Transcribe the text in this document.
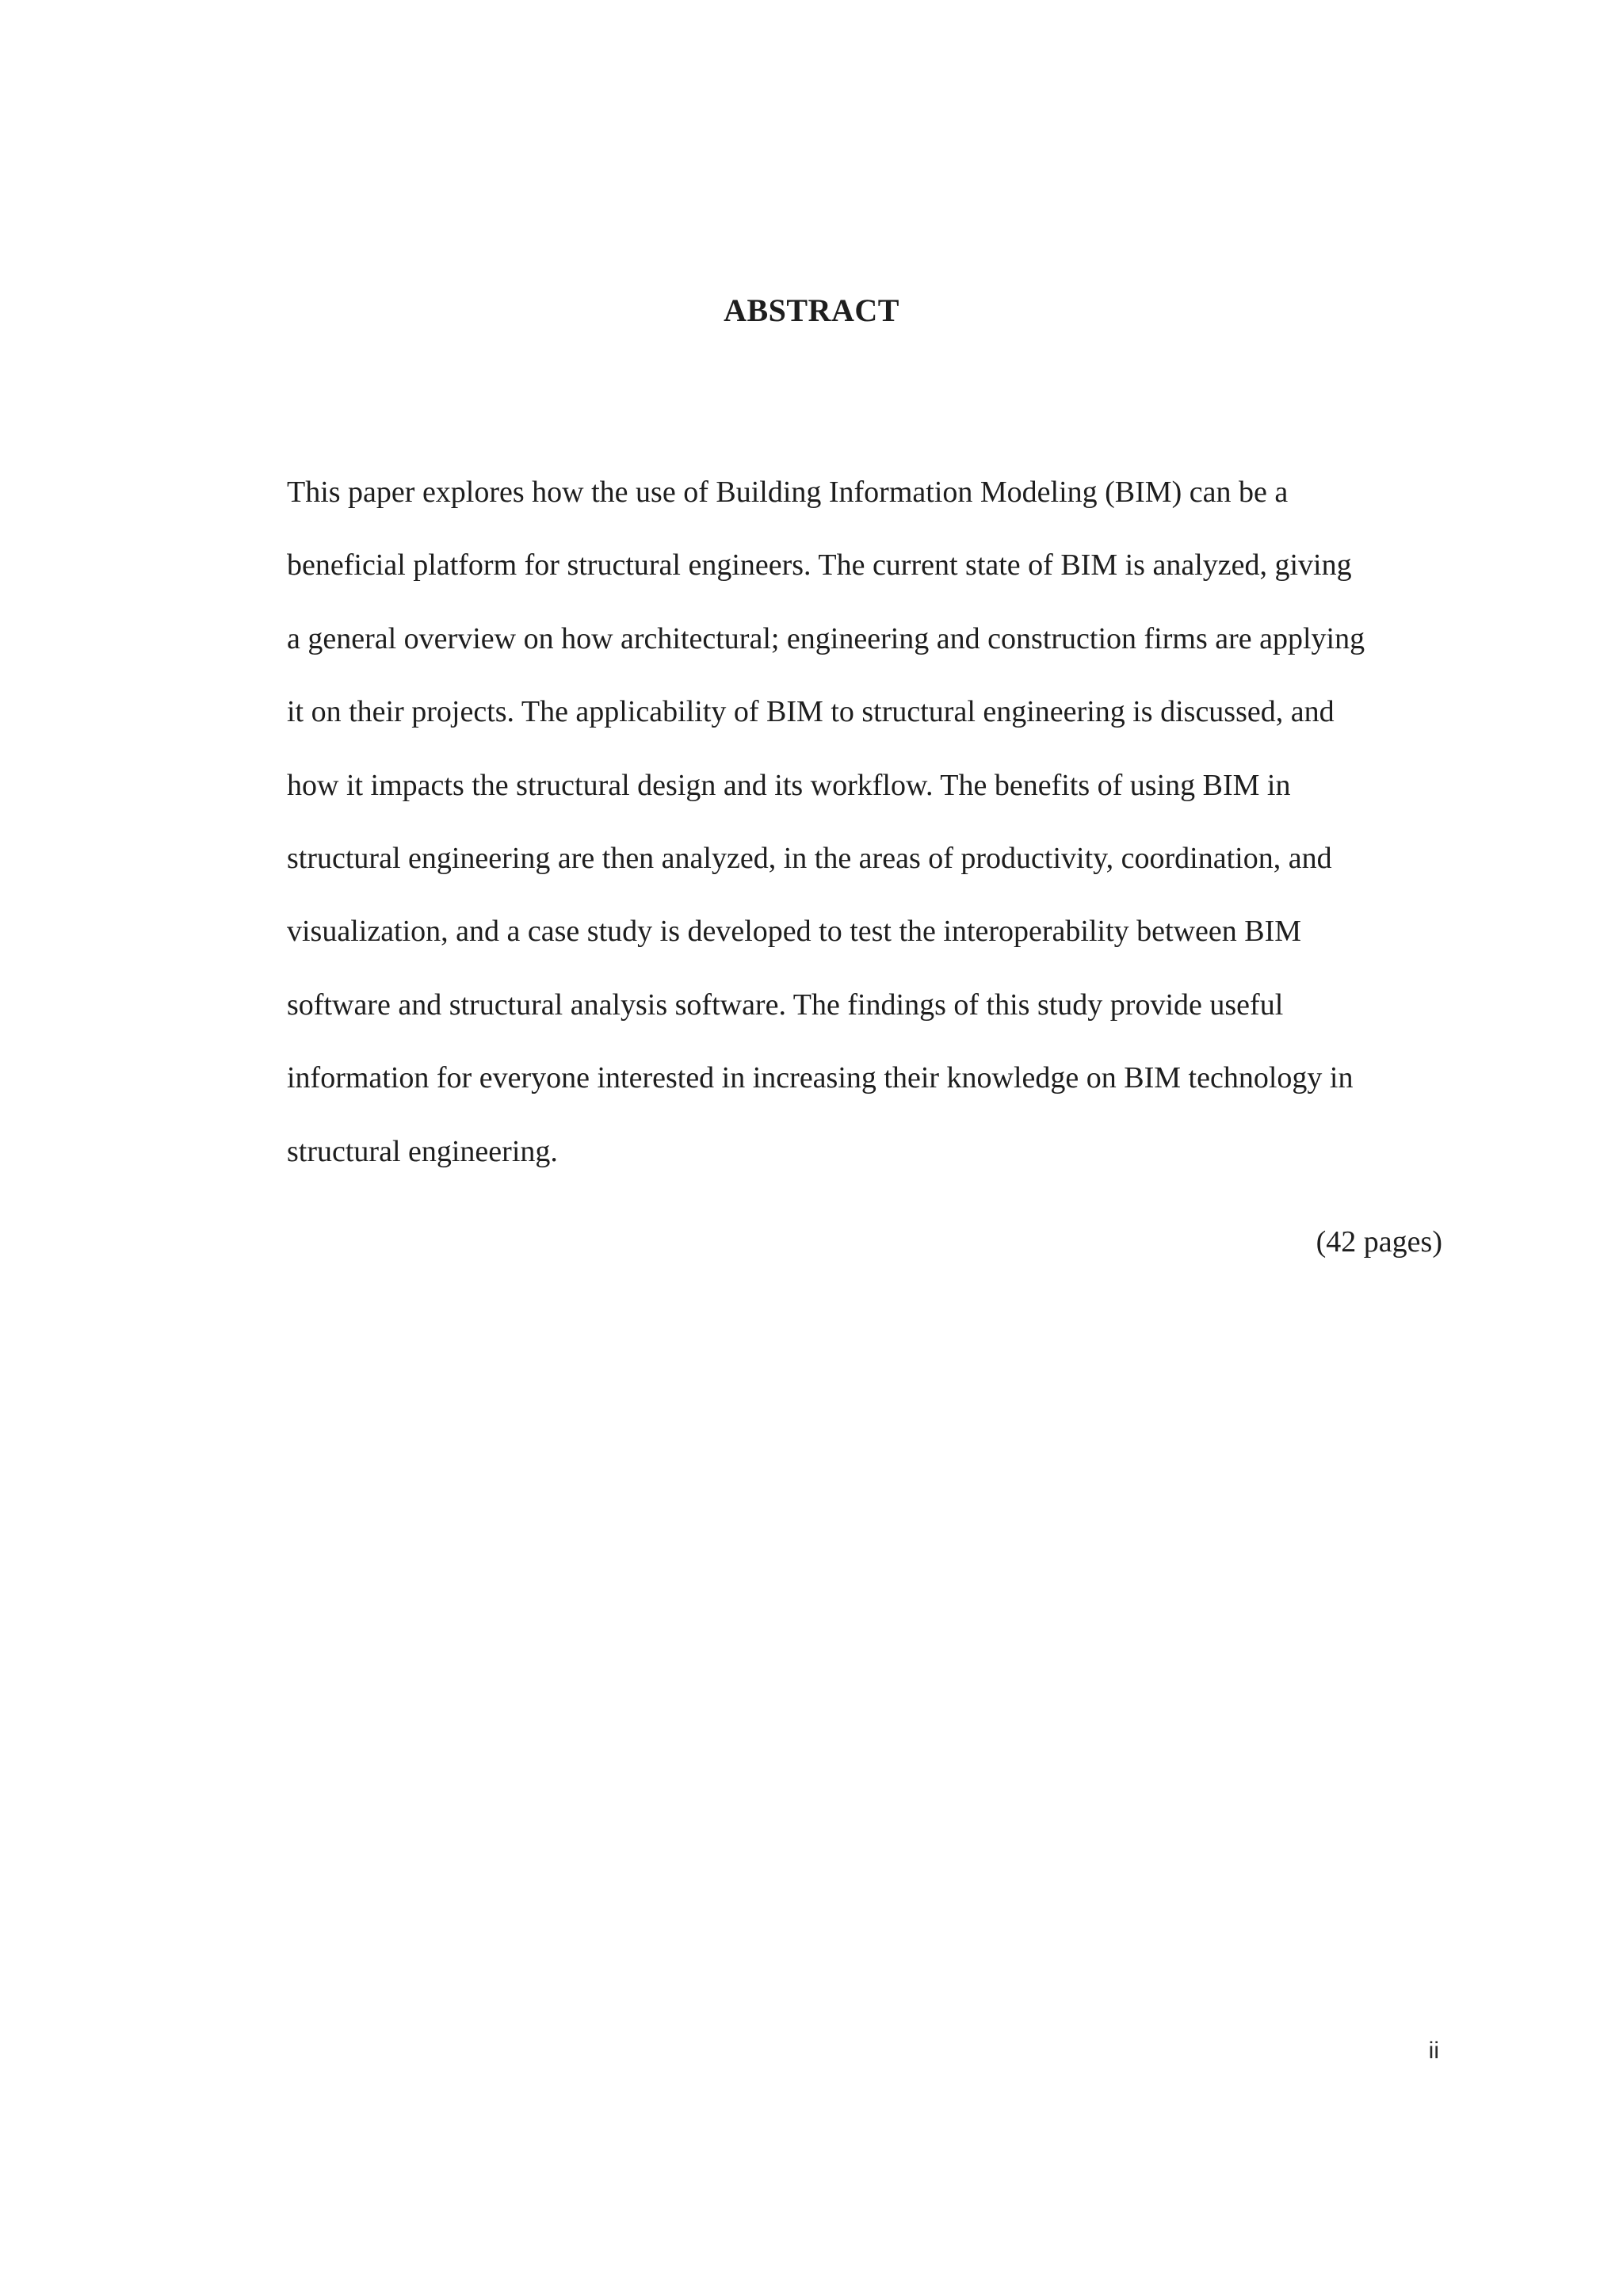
ABSTRACT

This paper explores how the use of Building Information Modeling (BIM) can be a
beneficial platform for structural engineers. The current state of BIM is analyzed, giving
a general overview on how architectural; engineering and construction firms are applying
it on their projects. The applicability of BIM to structural engineering is discussed, and
how it impacts the structural design and its workflow. The benefits of using BIM in
structural engineering are then analyzed, in the areas of productivity, coordination, and
visualization, and a case study is developed to test the interoperability between BIM
software and structural analysis software. The findings of this study provide useful
information for everyone interested in increasing their knowledge on BIM technology in
structural engineering.

(42 pages)

ii
